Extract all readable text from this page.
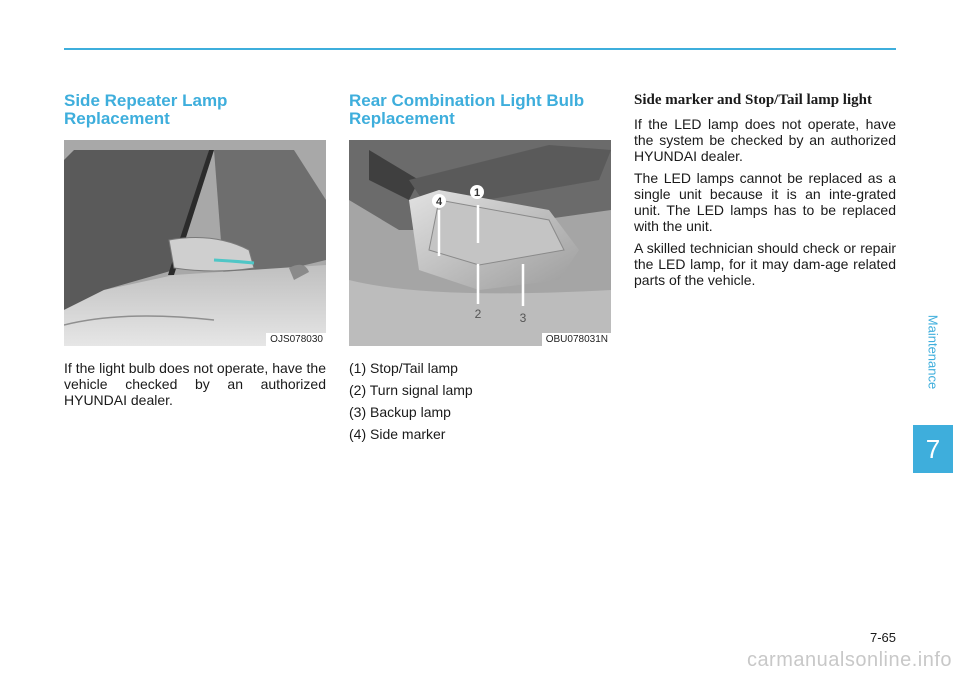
Side Repeater Lamp Replacement
OJS078030

If the light bulb does not operate, have the vehicle checked by an authorized HYUNDAI dealer.

Rear Combination Light Bulb Replacement
1
2	3
4
OBU078031N
(1) Stop/Tail lamp
(2) Turn signal lamp
(3) Backup lamp
(4) Side marker
Side marker and Stop/Tail lamp light

If the LED lamp does not operate, have the system be checked by an authorized HYUNDAI dealer.

The LED lamps cannot be replaced as a single unit because it is an inte-grated unit. The LED lamps has to be replaced with the unit.

A skilled technician should check or repair the LED lamp, for it may dam-age related parts of the vehicle.

Maintenance
7
7-65
carmanualsonline.info
